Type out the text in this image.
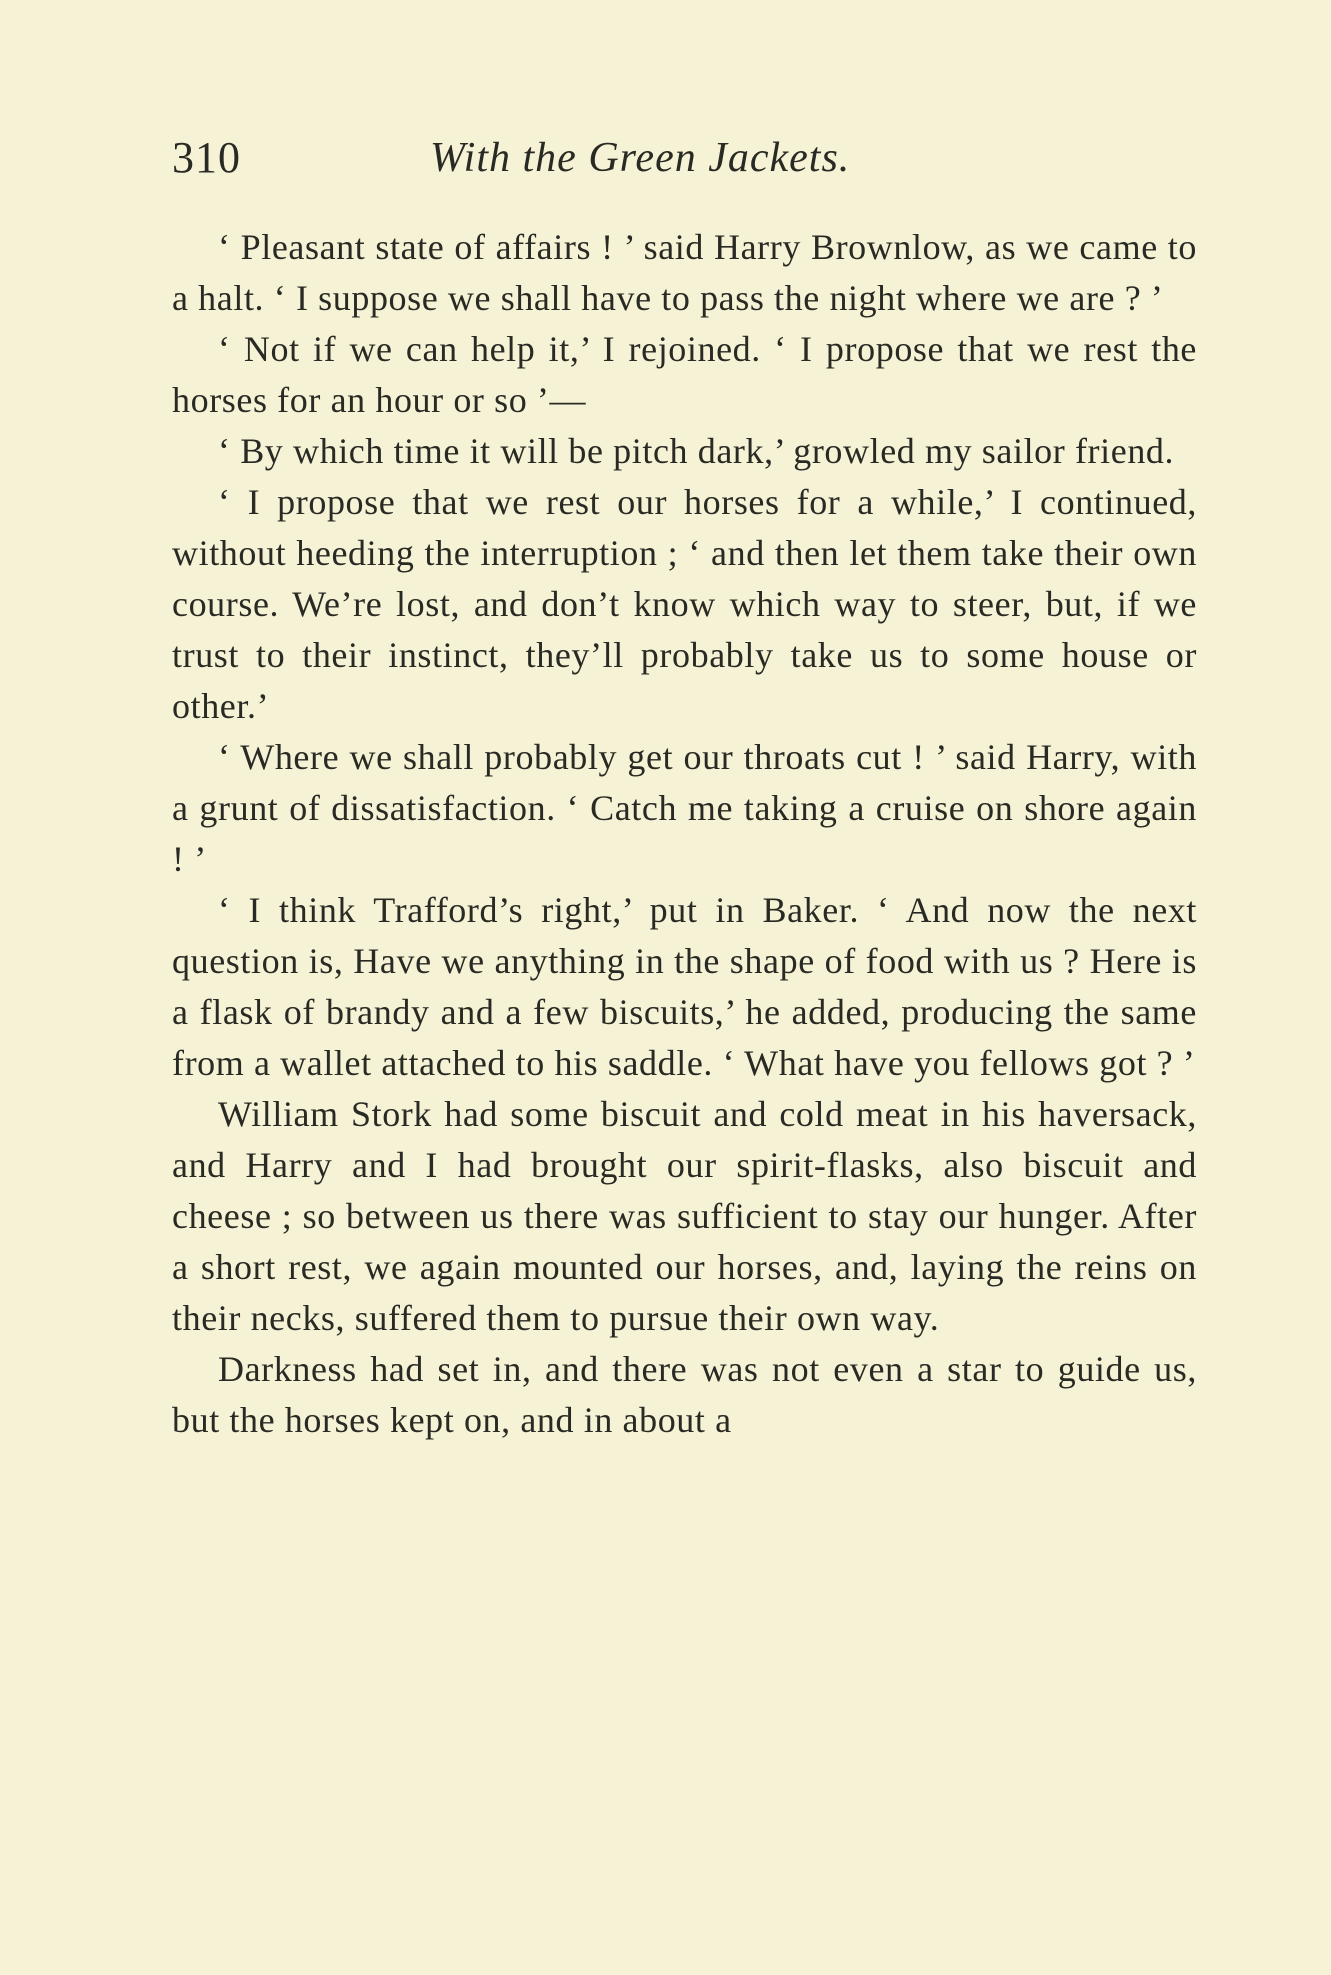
310	With the Green Jackets.

‘ Pleasant state of affairs ! ’ said Harry Brownlow, as we came to a halt. ‘ I suppose we shall have to pass the night where we are ? ’

‘ Not if we can help it,’ I rejoined. ‘ I propose that we rest the horses for an hour or so ’—

‘ By which time it will be pitch dark,’ growled my sailor friend.

‘ I propose that we rest our horses for a while,’ I continued, without heeding the interruption ; ‘ and then let them take their own course. We’re lost, and don’t know which way to steer, but, if we trust to their instinct, they’ll probably take us to some house or other.’

‘ Where we shall probably get our throats cut ! ’ said Harry, with a grunt of dissatisfaction. ‘ Catch me taking a cruise on shore again ! ’

‘ I think Trafford’s right,’ put in Baker. ‘ And now the next question is, Have we anything in the shape of food with us ? Here is a flask of brandy and a few biscuits,’ he added, producing the same from a wallet attached to his saddle. ‘ What have you fellows got ? ’

William Stork had some biscuit and cold meat in his haversack, and Harry and I had brought our spirit-flasks, also biscuit and cheese ; so between us there was sufficient to stay our hunger. After a short rest, we again mounted our horses, and, laying the reins on their necks, suffered them to pursue their own way.

Darkness had set in, and there was not even a star to guide us, but the horses kept on, and in about a
